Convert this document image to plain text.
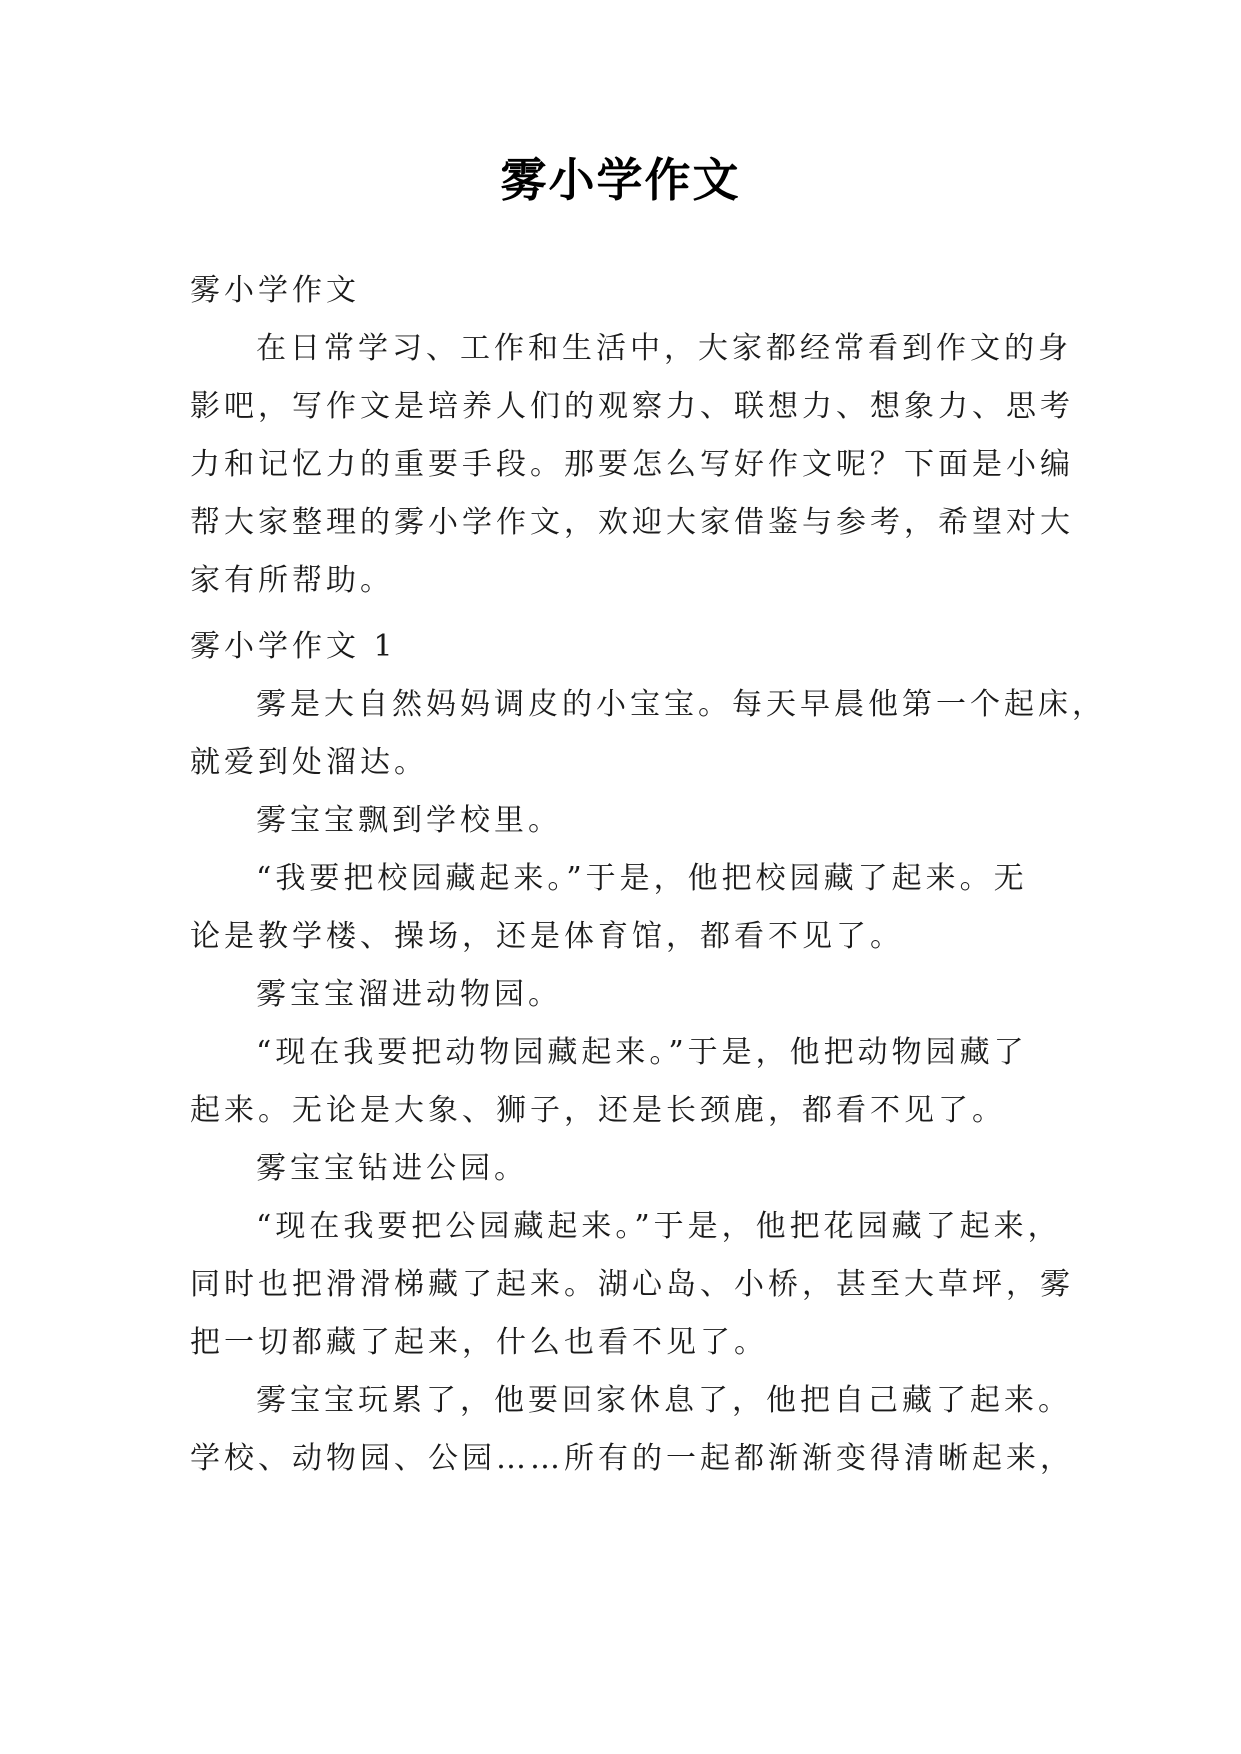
雾小学作文
雾小学作文
在日常学习、工作和生活中，大家都经常看到作文的身
影吧，写作文是培养人们的观察力、联想力、想象力、思考
力和记忆力的重要手段。那要怎么写好作文呢？下面是小编
帮大家整理的雾小学作文，欢迎大家借鉴与参考，希望对大
家有所帮助。
雾小学作文 1
雾是大自然妈妈调皮的小宝宝。每天早晨他第一个起床，
就爱到处溜达。
雾宝宝飘到学校里。
“我要把校园藏起来。”于是，他把校园藏了起来。无
论是教学楼、操场，还是体育馆，都看不见了。
雾宝宝溜进动物园。
“现在我要把动物园藏起来。”于是，他把动物园藏了
起来。无论是大象、狮子，还是长颈鹿，都看不见了。
雾宝宝钻进公园。
“现在我要把公园藏起来。”于是，他把花园藏了起来，
同时也把滑滑梯藏了起来。湖心岛、小桥，甚至大草坪，雾
把一切都藏了起来，什么也看不见了。
雾宝宝玩累了，他要回家休息了，他把自己藏了起来。
学校、动物园、公园……所有的一起都渐渐变得清晰起来，
